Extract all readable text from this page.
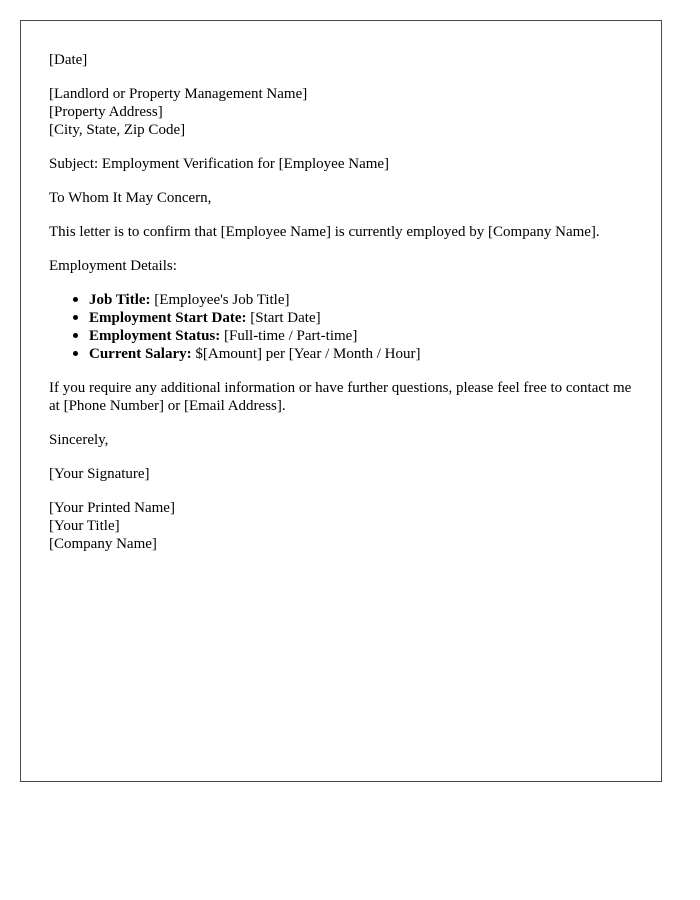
[Date]

[Landlord or Property Management Name]
[Property Address]
[City, State, Zip Code]

Subject: Employment Verification for [Employee Name]

To Whom It May Concern,

This letter is to confirm that [Employee Name] is currently employed by [Company Name].

Employment Details:

Job Title: [Employee's Job Title]
Employment Start Date: [Start Date]
Employment Status: [Full-time / Part-time]
Current Salary: $[Amount] per [Year / Month / Hour]

If you require any additional information or have further questions, please feel free to contact me at [Phone Number] or [Email Address].

Sincerely,

[Your Signature]

[Your Printed Name]
[Your Title]
[Company Name]
